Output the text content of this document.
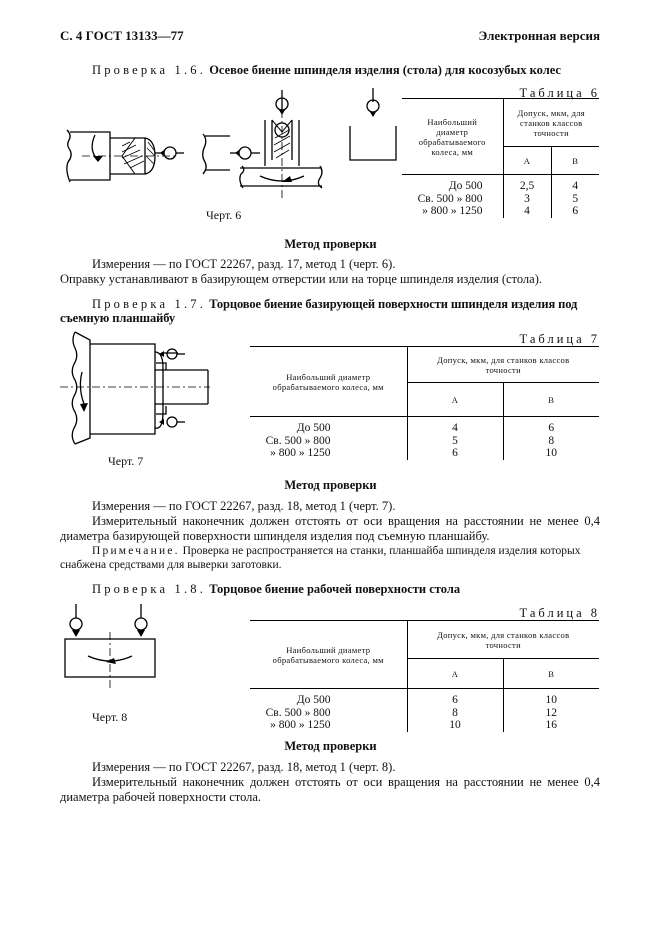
С. 4 ГОСТ 13133—77	Электронная версия
Проверка 1.6. Осевое биение шпинделя изделия (стола) для косозубых колес
Таблица 6
Черт. 6
Наибольший диаметр обрабатываемого колеса, мм	Допуск, мкм, для станков классов точности	
	А	В

До 500	2,5	4
Св. 500 » 800	3	5
» 800 » 1250	4	6
Метод проверки
Измерения — по ГОСТ 22267, разд. 17, метод 1 (черт. 6).
Оправку устанавливают в базирующем отверстии или на торце шпинделя изделия (стола).
Проверка 1.7. Торцовое биение базирующей поверхности шпинделя изделия под съемную планшайбу
Таблица 7
Черт. 7
Наибольший диаметр обрабатываемого колеса, мм	Допуск, мкм, для станков классов точности	
	А	В

До 500	4	6
Св. 500 » 800	5	8
» 800 » 1250	6	10
Метод проверки
Измерения — по ГОСТ 22267, разд. 18, метод 1 (черт. 7).
Измерительный наконечник должен отстоять от оси вращения на расстоянии не менее 0,4 диаметра базирующей поверхности шпинделя изделия под съемную планшайбу.
Примечание. Проверка не распространяется на станки, планшайба шпинделя изделия которых снабжена средствами для выверки заготовки.
Проверка 1.8. Торцовое биение рабочей поверхности стола
Таблица 8
Черт. 8
Наибольший диаметр обрабатываемого колеса, мм	Допуск, мкм, для станков классов точности	
	А	В

До 500	6	10
Св. 500 » 800	8	12
» 800 » 1250	10	16
Метод проверки
Измерения — по ГОСТ 22267, разд. 18, метод 1 (черт. 8).
Измерительный наконечник должен отстоять от оси вращения на расстоянии не менее 0,4 диаметра рабочей поверхности стола.
